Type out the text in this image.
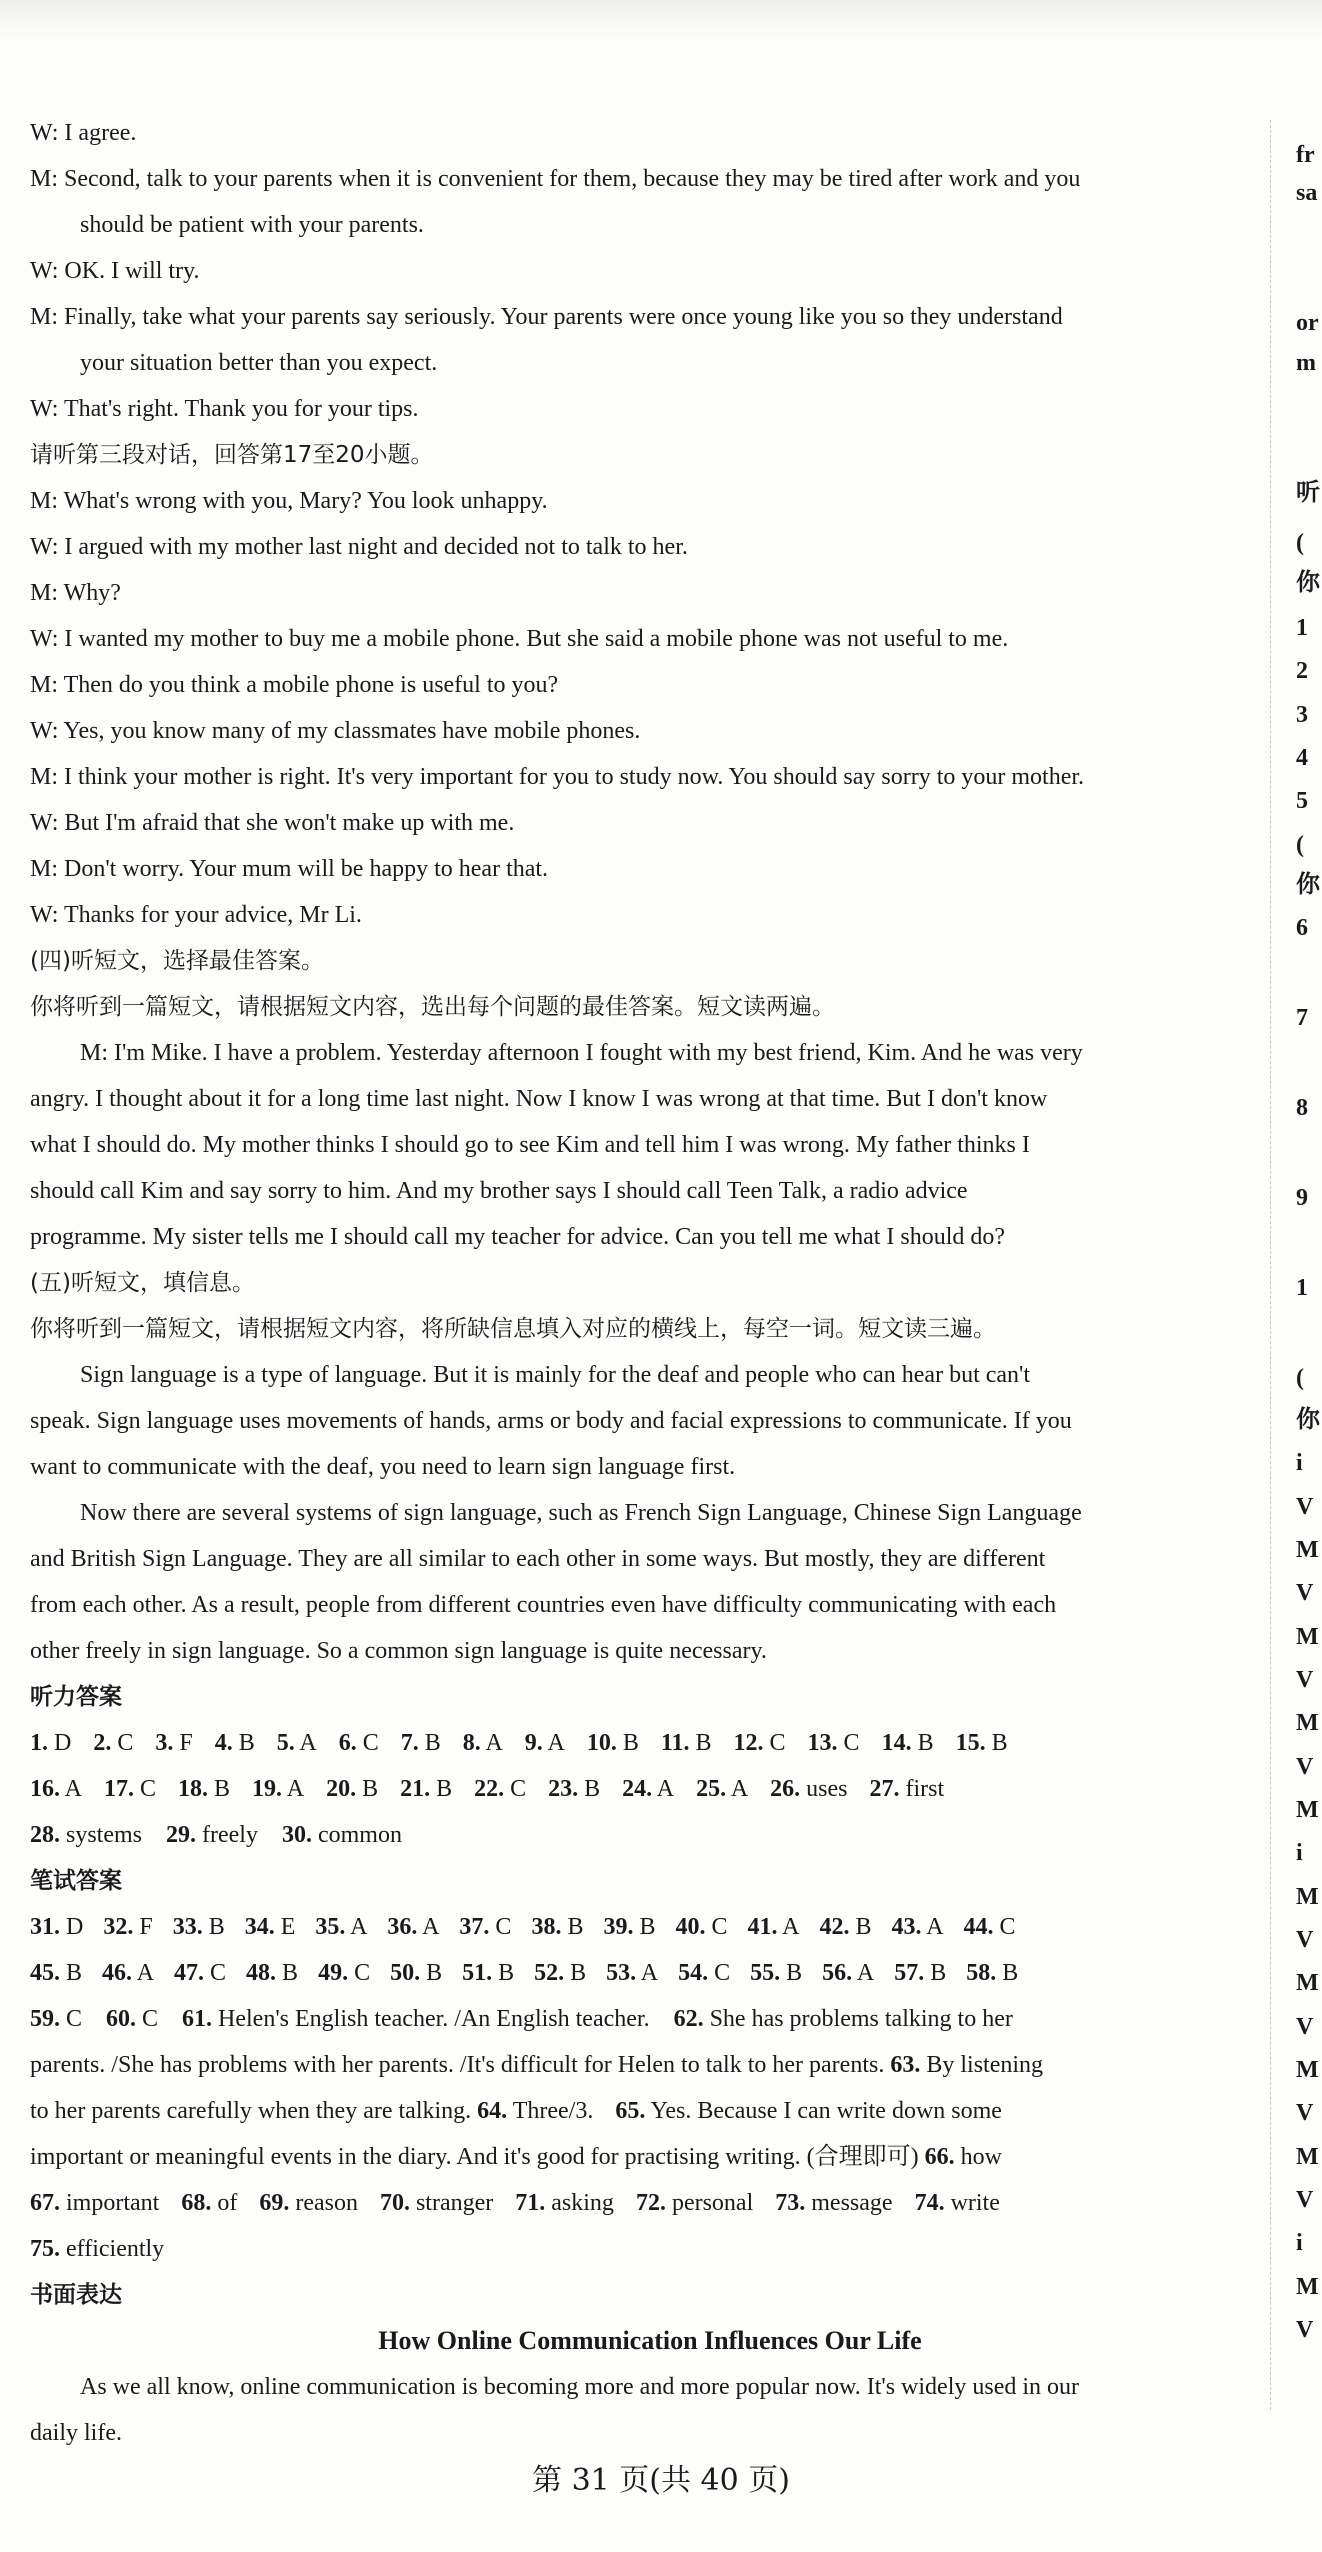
W: I agree.
M: Second, talk to your parents when it is convenient for them, because they may be tired after work and you
should be patient with your parents.
W: OK. I will try.
M: Finally, take what your parents say seriously. Your parents were once young like you so they understand
your situation better than you expect.
W: That's right. Thank you for your tips.
请听第三段对话，回答第17至20小题。
M: What's wrong with you, Mary? You look unhappy.
W: I argued with my mother last night and decided not to talk to her.
M: Why?
W: I wanted my mother to buy me a mobile phone. But she said a mobile phone was not useful to me.
M: Then do you think a mobile phone is useful to you?
W: Yes, you know many of my classmates have mobile phones.
M: I think your mother is right. It's very important for you to study now. You should say sorry to your mother.
W: But I'm afraid that she won't make up with me.
M: Don't worry. Your mum will be happy to hear that.
W: Thanks for your advice, Mr Li.
(四)听短文，选择最佳答案。
你将听到一篇短文，请根据短文内容，选出每个问题的最佳答案。短文读两遍。
M: I'm Mike. I have a problem. Yesterday afternoon I fought with my best friend, Kim. And he was very
angry. I thought about it for a long time last night. Now I know I was wrong at that time. But I don't know
what I should do. My mother thinks I should go to see Kim and tell him I was wrong. My father thinks I
should call Kim and say sorry to him. And my brother says I should call Teen Talk, a radio advice
programme. My sister tells me I should call my teacher for advice. Can you tell me what I should do?
(五)听短文，填信息。
你将听到一篇短文，请根据短文内容，将所缺信息填入对应的横线上，每空一词。短文读三遍。
Sign language is a type of language. But it is mainly for the deaf and people who can hear but can't
speak. Sign language uses movements of hands, arms or body and facial expressions to communicate. If you
want to communicate with the deaf, you need to learn sign language first.
Now there are several systems of sign language, such as French Sign Language, Chinese Sign Language
and British Sign Language. They are all similar to each other in some ways. But mostly, they are different
from each other. As a result, people from different countries even have difficulty communicating with each
other freely in sign language. So a common sign language is quite necessary.
听力答案
1. D 2. C 3. F 4. B 5. A 6. C 7. B 8. A 9. A 10. B 11. B 12. C 13. C 14. B 15. B
16. A 17. C 18. B 19. A 20. B 21. B 22. C 23. B 24. A 25. A 26. uses 27. first
28. systems 29. freely 30. common
笔试答案
31. D 32. F 33. B 34. E 35. A 36. A 37. C 38. B 39. B 40. C 41. A 42. B 43. A 44. C
45. B 46. A 47. C 48. B 49. C 50. B 51. B 52. B 53. A 54. C 55. B 56. A 57. B 58. B
59. C 60. C 61. Helen's English teacher. /An English teacher. 62. She has problems talking to her
parents. /She has problems with her parents. /It's difficult for Helen to talk to her parents. 63. By listening
to her parents carefully when they are talking. 64. Three/3. 65. Yes. Because I can write down some
important or meaningful events in the diary. And it's good for practising writing. (合理即可) 66. how
67. important 68. of 69. reason 70. stranger 71. asking 72. personal 73. message 74. write
75. efficiently
书面表达
How Online Communication Influences Our Life
As we all know, online communication is becoming more and more popular now. It's widely used in our
daily life.
fr
sa
or
m
听
(
你
1
2
3
4
5
(
你
6
7
8
9
1
(
你
i
V
M
V
M
V
M
V
M
i
M
V
M
V
M
V
M
V
i
M
V
第 31 页(共 40 页)
